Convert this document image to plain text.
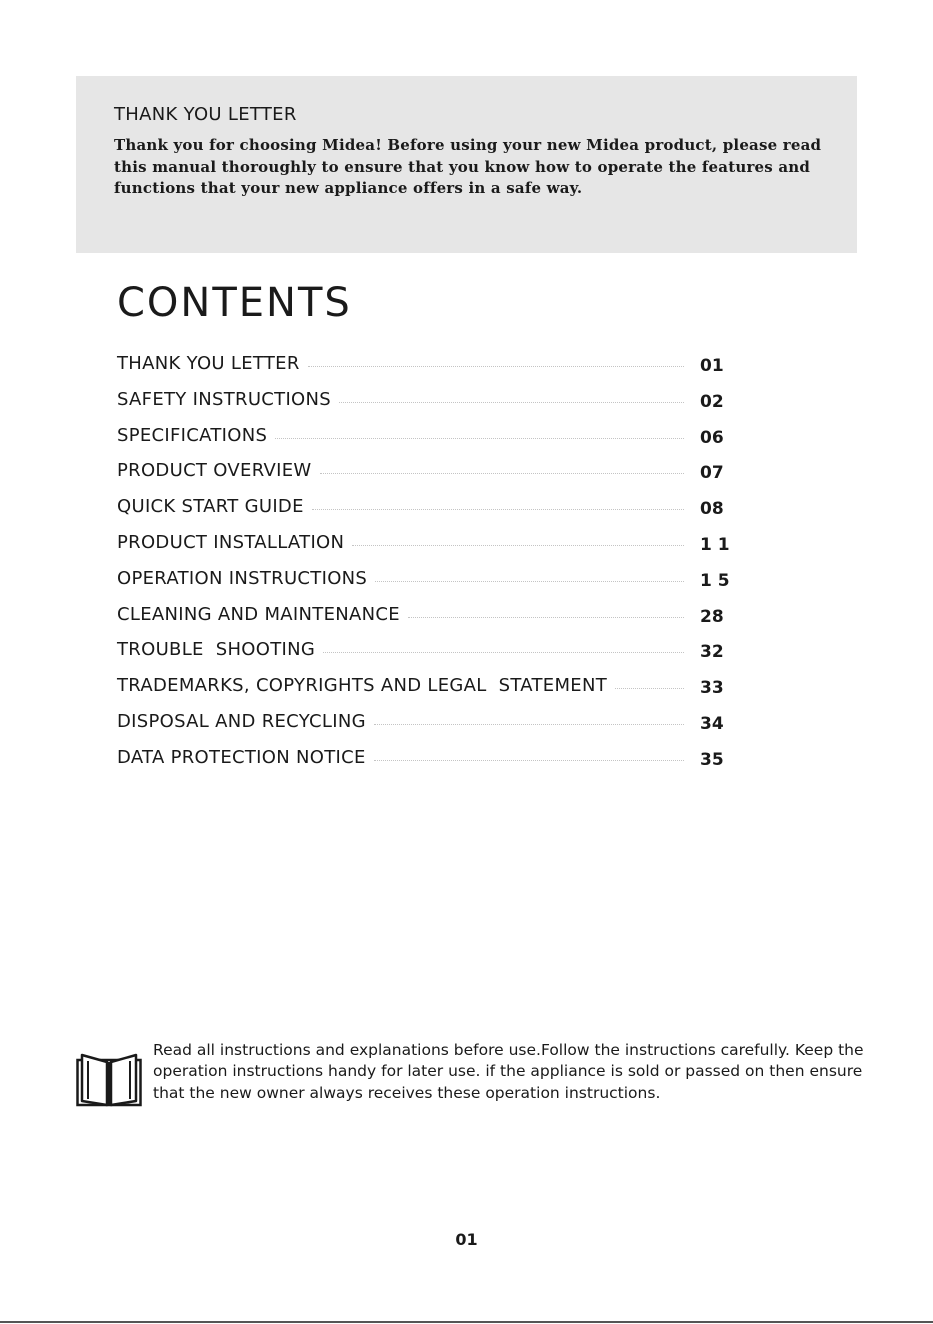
THANK YOU LETTER
Thank you for choosing Midea! Before using your new Midea product, please read this manual thoroughly to ensure that you know how to operate the features and functions that your new appliance offers in a safe way.
CONTENTS
THANK YOU LETTER	01
SAFETY INSTRUCTIONS	02
SPECIFICATIONS	06
PRODUCT OVERVIEW	07
QUICK START GUIDE	08
PRODUCT INSTALLATION	1 1
OPERATION INSTRUCTIONS	1 5
CLEANING AND MAINTENANCE	28
TROUBLE  SHOOTING	32
TRADEMARKS, COPYRIGHTS AND LEGAL  STATEMENT	33
DISPOSAL AND RECYCLING	34
DATA PROTECTION NOTICE	35
Read all instructions and explanations before use.Follow the instructions carefully. Keep the operation instructions handy for later use. if the appliance is sold or passed on then ensure that the new owner always receives these operation instructions.
01
